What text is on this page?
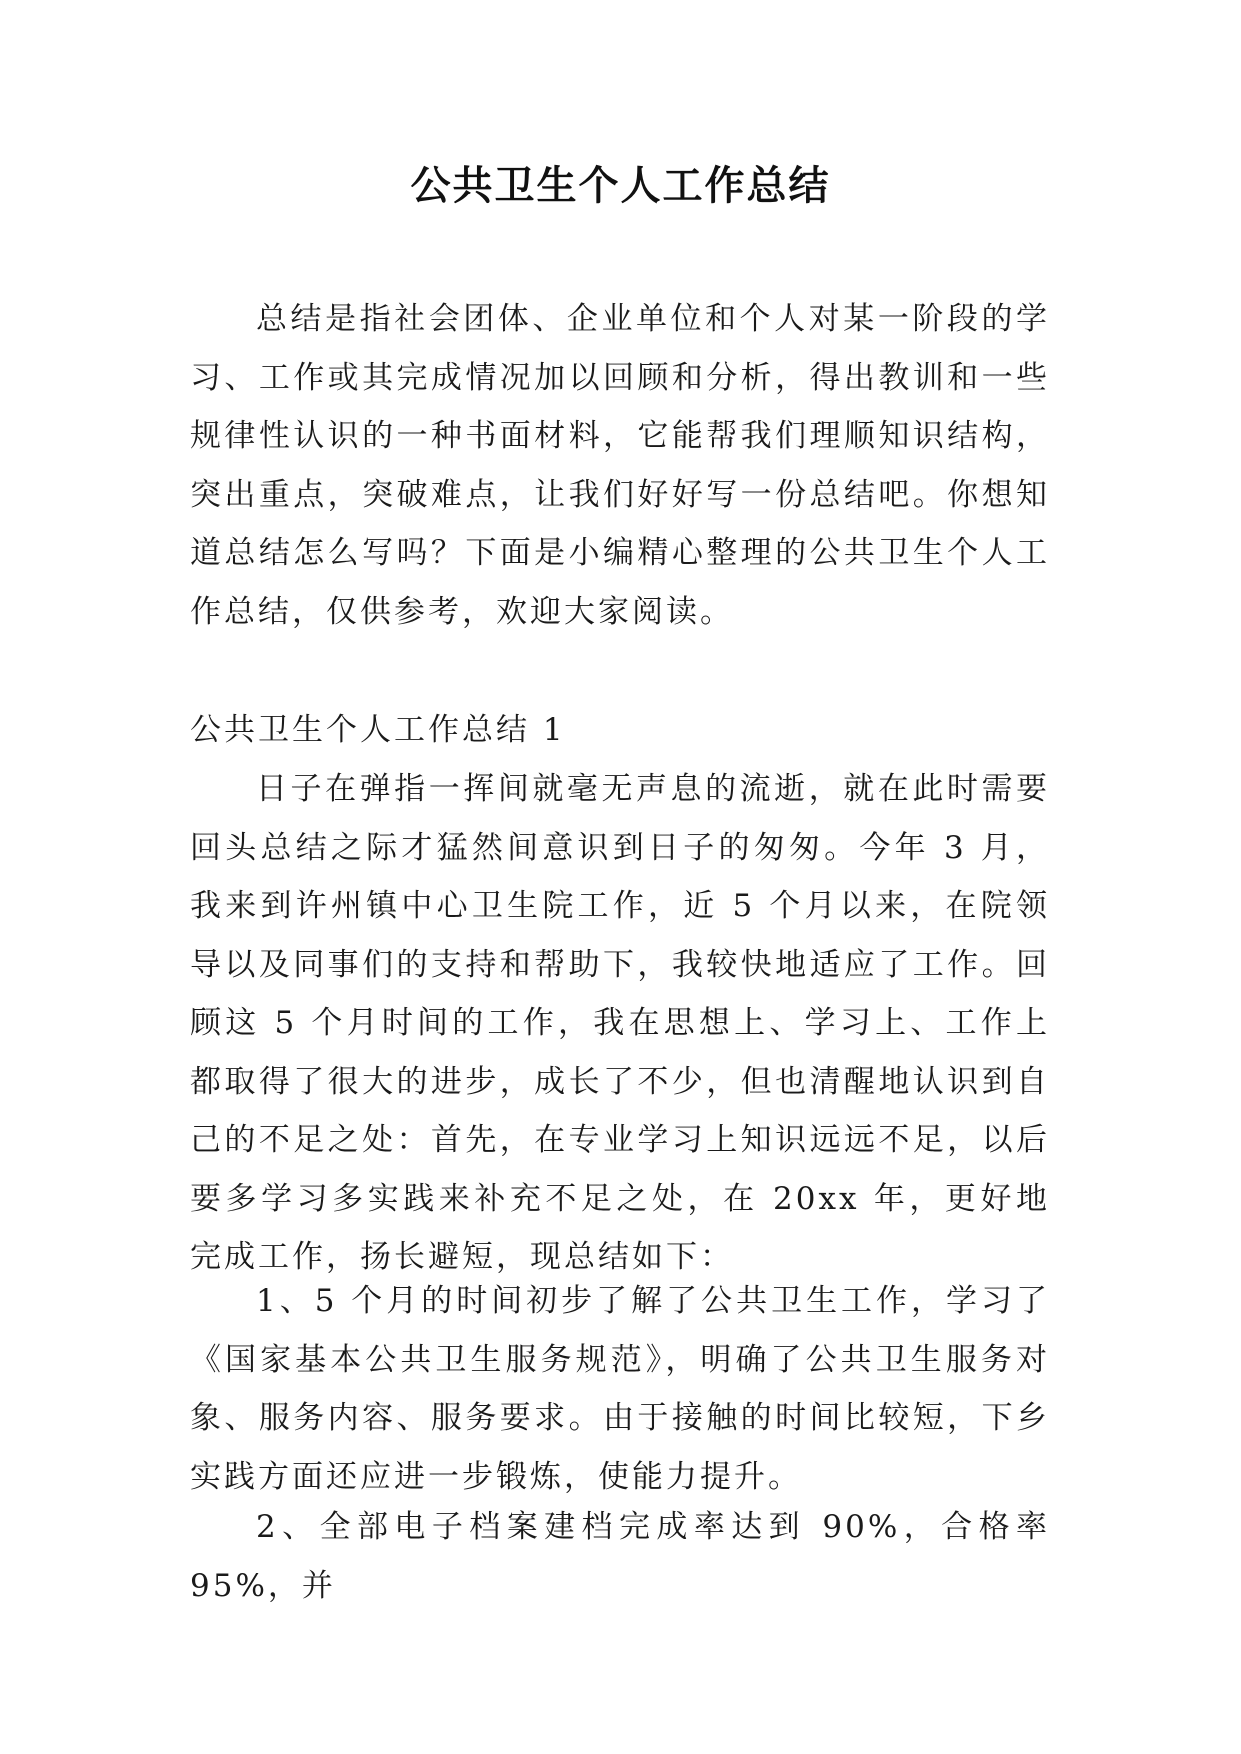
公共卫生个人工作总结

总结是指社会团体、企业单位和个人对某一阶段的学习、工作或其完成情况加以回顾和分析，得出教训和一些规律性认识的一种书面材料，它能帮我们理顺知识结构，突出重点，突破难点，让我们好好写一份总结吧。你想知道总结怎么写吗？下面是小编精心整理的公共卫生个人工作总结，仅供参考，欢迎大家阅读。

公共卫生个人工作总结 1

日子在弹指一挥间就毫无声息的流逝，就在此时需要回头总结之际才猛然间意识到日子的匆匆。今年 3 月，我来到许州镇中心卫生院工作，近 5 个月以来，在院领导以及同事们的支持和帮助下，我较快地适应了工作。回顾这 5 个月时间的工作，我在思想上、学习上、工作上都取得了很大的进步，成长了不少，但也清醒地认识到自己的不足之处：首先，在专业学习上知识远远不足，以后要多学习多实践来补充不足之处，在 20xx 年，更好地完成工作，扬长避短，现总结如下：

1、5 个月的时间初步了解了公共卫生工作，学习了《国家基本公共卫生服务规范》，明确了公共卫生服务对象、服务内容、服务要求。由于接触的时间比较短，下乡实践方面还应进一步锻炼，使能力提升。

2、全部电子档案建档完成率达到 90%，合格率 95%，并
